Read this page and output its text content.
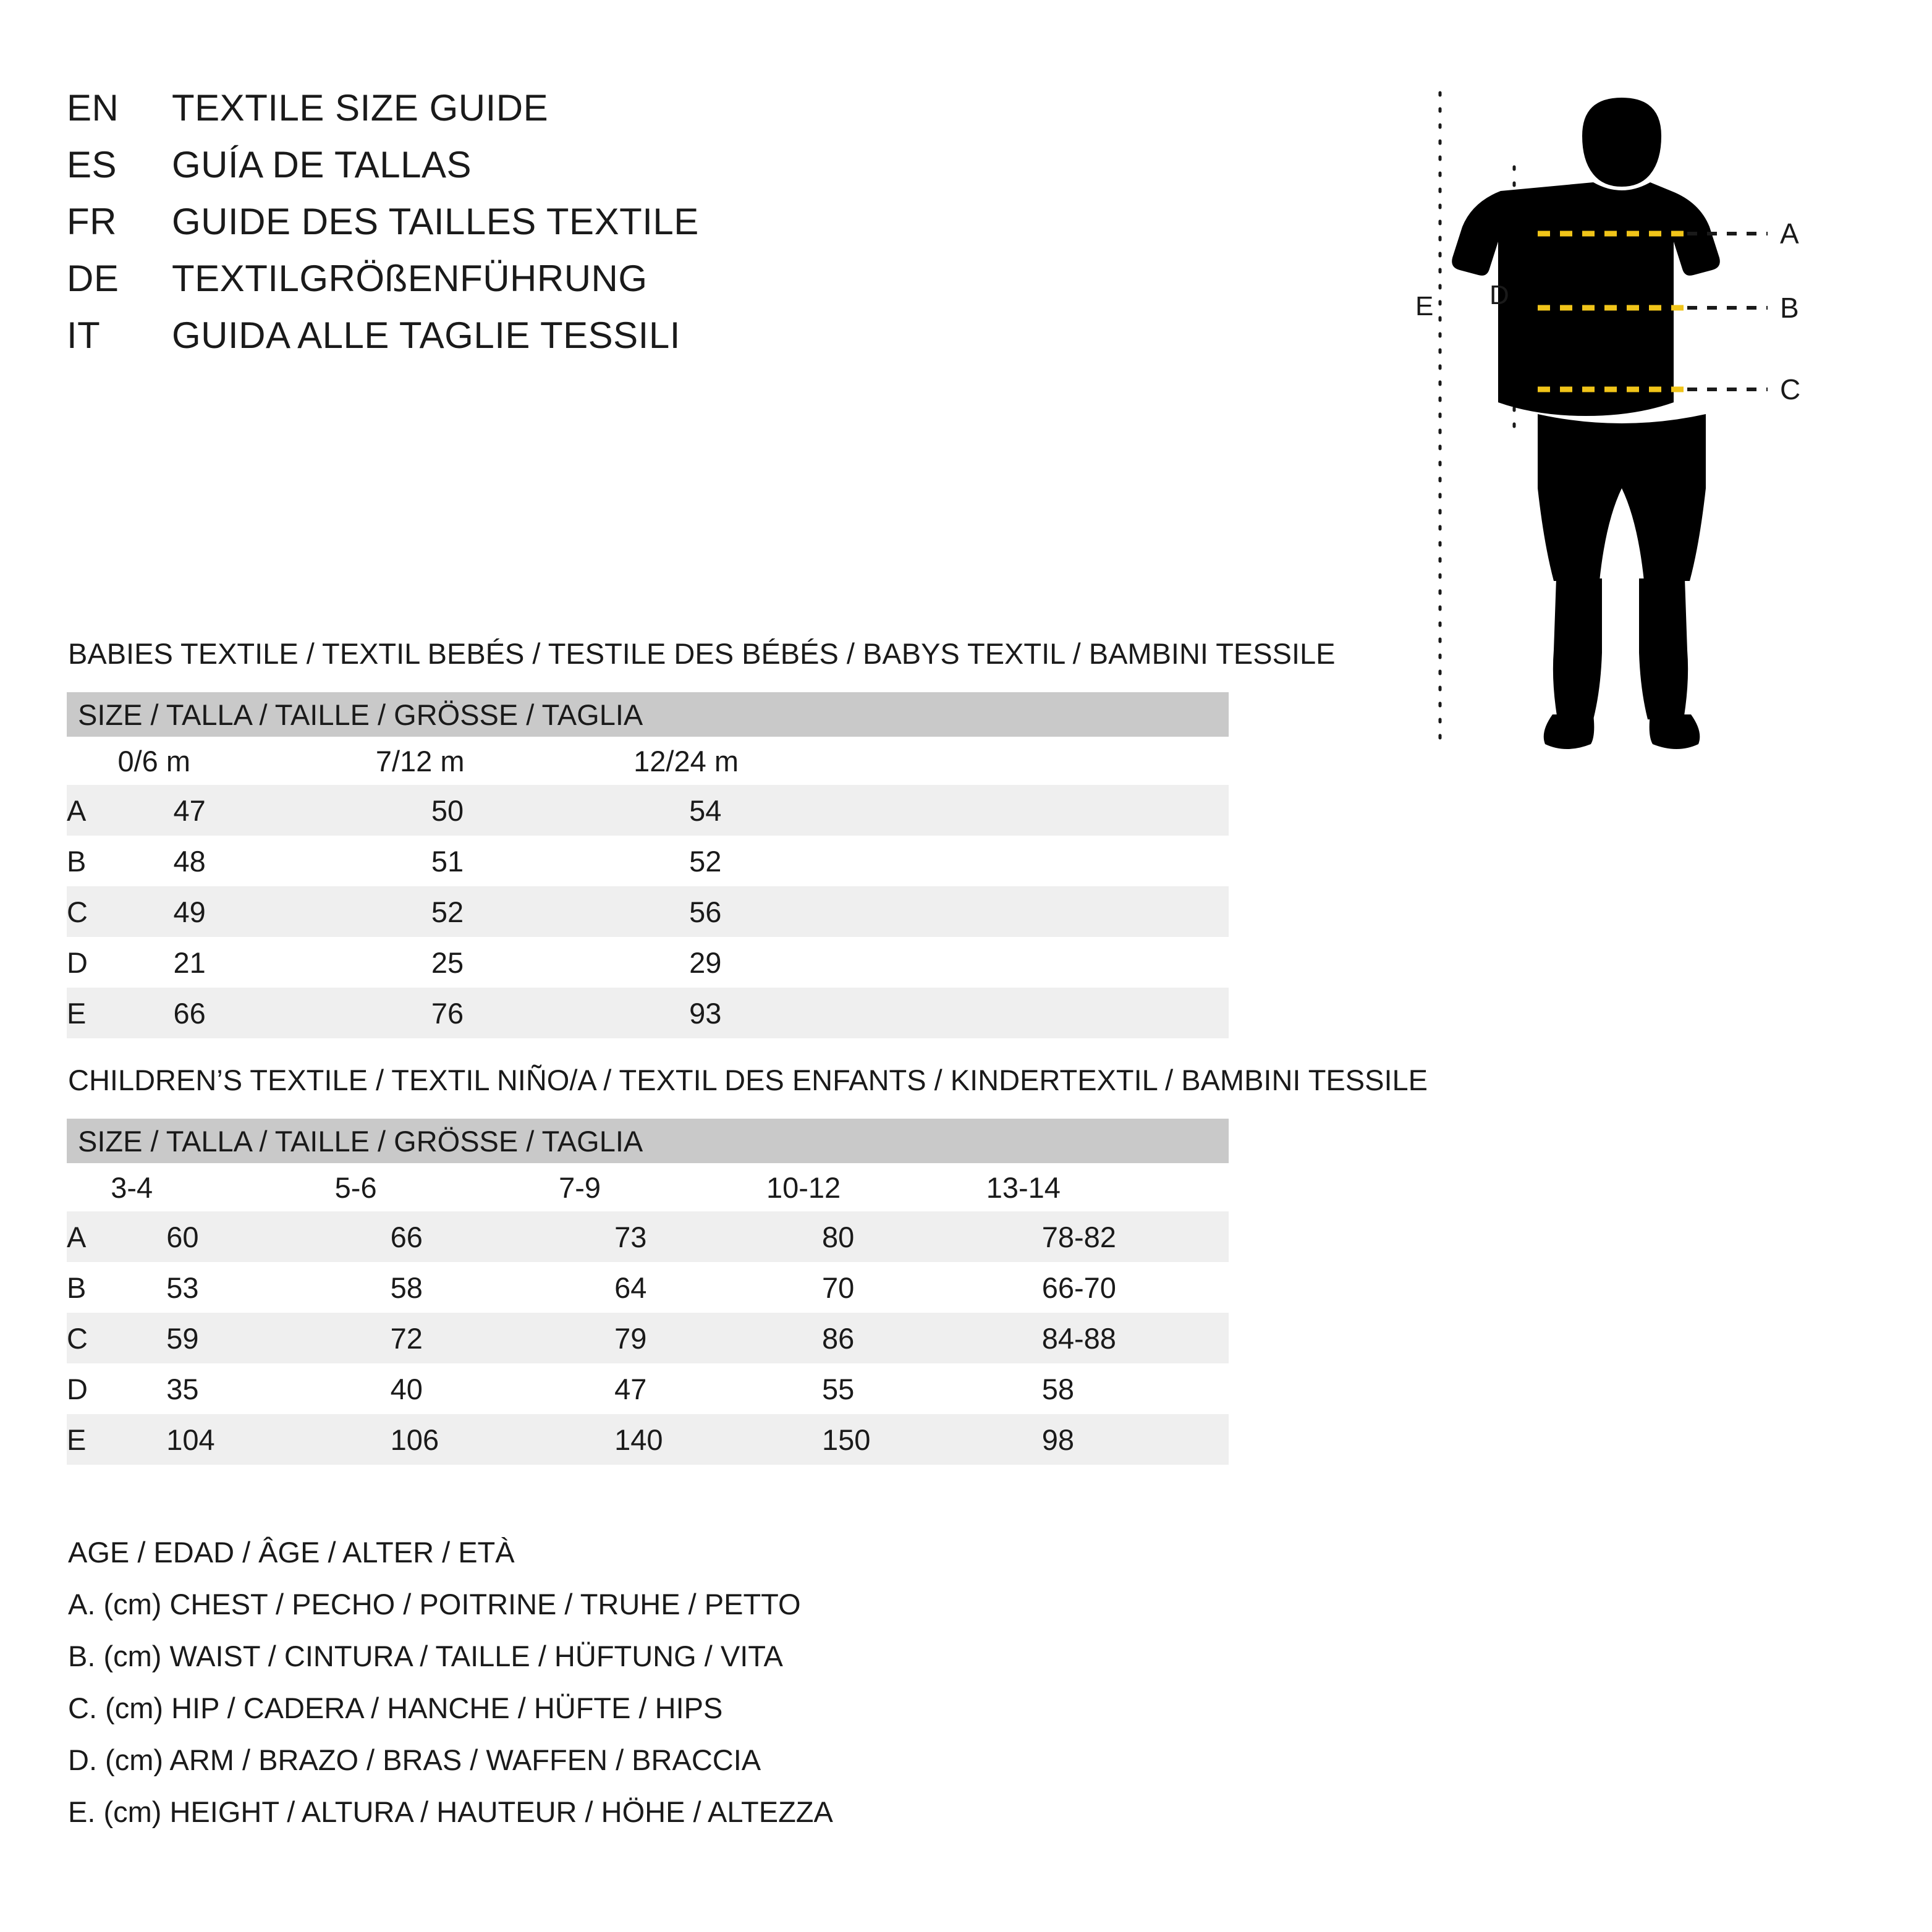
EN	TEXTILE SIZE GUIDE
ES	GUÍA DE TALLAS
FR	GUIDE DES TAILLES TEXTILE
DE	TEXTILGRÖßENFÜHRUNG
IT	GUIDA ALLE TAGLIE TESSILI
A
B
C
E D
BABIES TEXTILE / TEXTIL BEBÉS / TESTILE DES BÉBÉS / BABYS TEXTIL / BAMBINI TESSILE
SIZE / TALLA / TAILLE / GRÖSSE / TAGLIA			
	0/6 m	7/12 m	12/24 m
A	47	50	54
B	48	51	52
C	49	52	56
D	21	25	29
E	66	76	93
CHILDREN’S TEXTILE / TEXTIL NIÑO/A / TEXTIL DES ENFANTS / KINDERTEXTIL / BAMBINI TESSILE
SIZE / TALLA / TAILLE / GRÖSSE / TAGLIA					
	3-4	5-6	7-9	10-12	13-14
A	60	66	73	80	78-82
B	53	58	64	70	66-70
C	59	72	79	86	84-88
D	35	40	47	55	58
E	104	106	140	150	98
AGE / EDAD / ÂGE / ALTER / ETÀ
A. (cm) CHEST / PECHO / POITRINE / TRUHE / PETTO
B. (cm) WAIST / CINTURA / TAILLE / HÜFTUNG / VITA
C. (cm) HIP / CADERA / HANCHE / HÜFTE / HIPS
D. (cm) ARM / BRAZO / BRAS / WAFFEN / BRACCIA
E. (cm) HEIGHT / ALTURA / HAUTEUR / HÖHE / ALTEZZA
